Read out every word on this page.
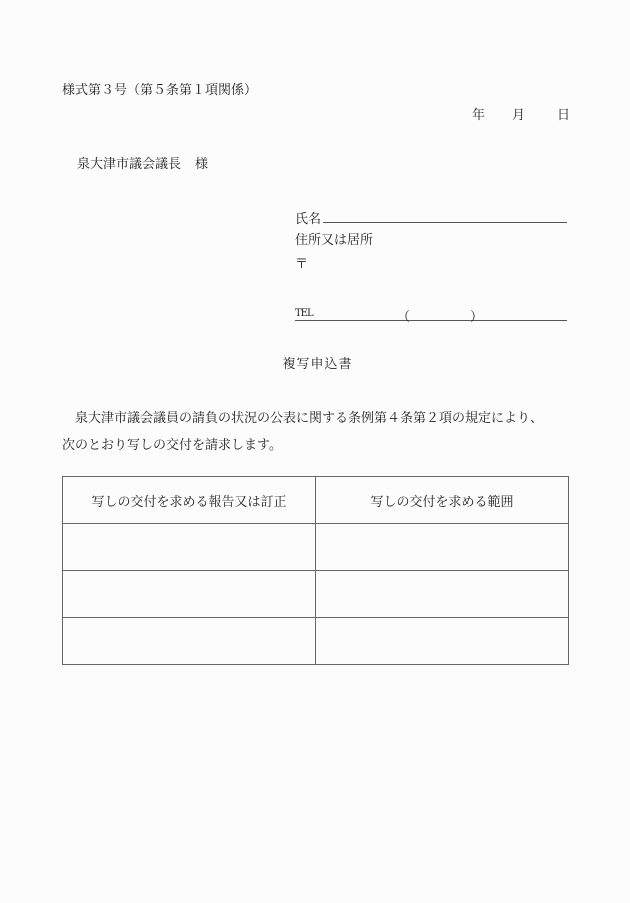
様式第３号（第５条第１項関係）
年	月	日
泉大津市議会議長 様
氏名
住所又は居所
〒
TEL	（	）
複写申込書
泉大津市議会議員の請負の状況の公表に関する条例第４条第２項の規定により、
次のとおり写しの交付を請求します。
写しの交付を求める報告又は訂正	写しの交付を求める範囲
